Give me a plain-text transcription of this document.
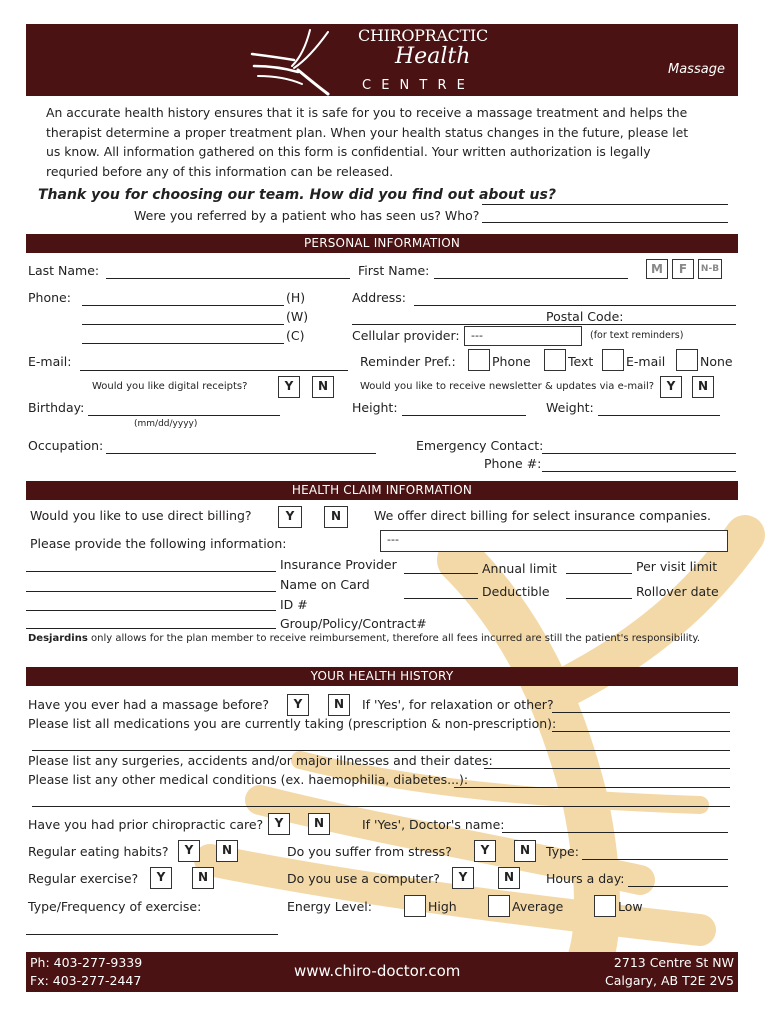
CHIROPRACTIC
Health
C E N T R E
Massage
An accurate health history ensures that it is safe for you to receive a massage treatment and helps the therapist determine a proper treatment plan. When your health status changes in the future, please let us know. All information gathered on this form is confidential. Your written authorization is legally requried before any of this information can be released.
Thank you for choosing our team. How did you find out about us?
Were you referred by a patient who has seen us? Who?
PERSONAL INFORMATION
Last Name:	First Name:	M	F	N-B
Phone:	(H)
(W)
(C)
Address:
Postal Code:
Cellular provider:	---	(for text reminders)
E-mail:	Reminder Pref.:	Phone	Text	E-mail	None
Would you like digital receipts?	Y	N	Would you like to receive newsletter & updates via e-mail?	Y	N
Birthday:
(mm/dd/yyyy)
Height:	Weight:
Occupation:	Emergency Contact:
Phone #:
HEALTH CLAIM INFORMATION
Would you like to use direct billing?	Y	N	We offer direct billing for select insurance companies.
Please provide the following information:	---
Insurance Provider
Name on Card
ID #
Group/Policy/Contract#
Annual limit	Per visit limit
Deductible	Rollover date
Desjardins only allows for the plan member to receive reimbursement, therefore all fees incurred are still the patient's responsibility.
YOUR HEALTH HISTORY
Have you ever had a massage before?	Y	N	If 'Yes', for relaxation or other?
Please list all medications you are currently taking (prescription & non-prescription):
Please list any surgeries, accidents and/or major illnesses and their dates:
Please list any other medical conditions (ex. haemophilia, diabetes...):
Have you had prior chiropractic care? Y	N	If 'Yes', Doctor's name:
Regular eating habits?	Y	N	Do you suffer from stress?	Y	N	Type:
Regular exercise?	Y	N	Do you use a computer?	Y	N	Hours a day:
Type/Frequency of exercise:	Energy Level:	High	Average	Low
Ph: 403-277-9339
Fx: 403-277-2447
www.chiro-doctor.com	2713 Centre St NW
Calgary, AB T2E 2V5
